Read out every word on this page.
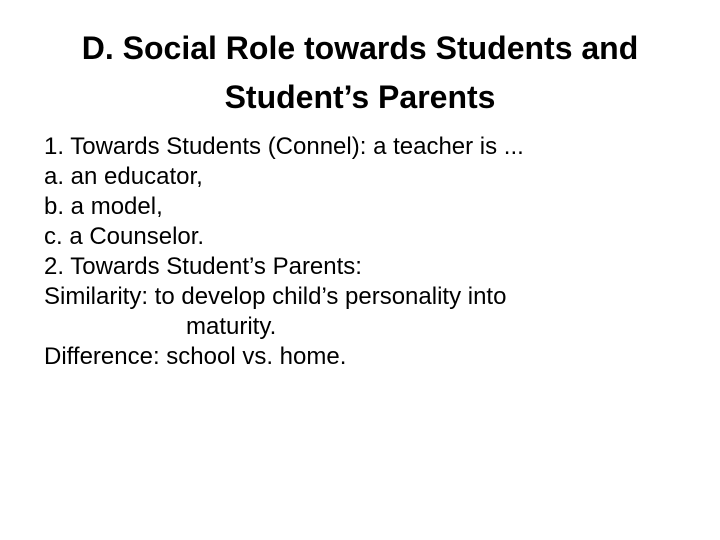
D. Social Role towards Students and
Student’s Parents
1. Towards Students (Connel): a teacher is ...
a. an educator,
b. a model,
c. a Counselor.
2. Towards Student’s Parents:
Similarity: to develop child’s personality into
maturity.
Difference: school vs. home.
